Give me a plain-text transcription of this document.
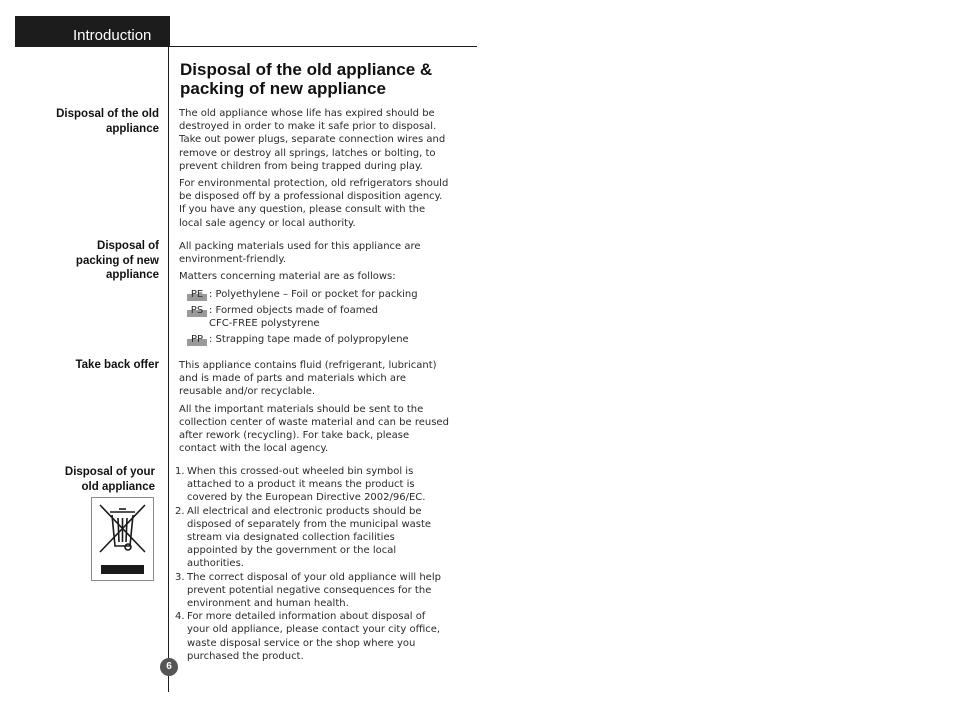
Introduction
Disposal of the old appliance & packing of new appliance
Disposal of the old appliance

The old appliance whose life has expired should be destroyed in order to make it safe prior to disposal. Take out power plugs, separate connection wires and remove or destroy all springs, latches or bolting, to prevent children from being trapped during play.

For environmental protection, old refrigerators should be disposed off by a professional disposition agency. If you have any question, please consult with the local sale agency or local authority.

Disposal of packing of new appliance

All packing materials used for this appliance are environment-friendly.

Matters concerning material are as follows:

PE : Polyethylene – Foil or pocket for packing
PS : Formed objects made of foamed CFC-FREE polystyrene
PP : Strapping tape made of polypropylene
Take back offer This appliance contains fluid (refrigerant, lubricant) and is made of parts and materials which are reusable and/or recyclable.

All the important materials should be sent to the collection center of waste material and can be reused after rework (recycling). For take back, please contact with the local agency.

Disposal of your old appliance
1. When this crossed-out wheeled bin symbol is attached to a product it means the product is covered by the European Directive 2002/96/EC.
2. All electrical and electronic products should be disposed of separately from the municipal waste stream via designated collection facilities appointed by the government or the local authorities.
3. The correct disposal of your old appliance will help prevent potential negative consequences for the environment and human health.
4. For more detailed information about disposal of your old appliance, please contact your city office, waste disposal service or the shop where you purchased the product.
6
